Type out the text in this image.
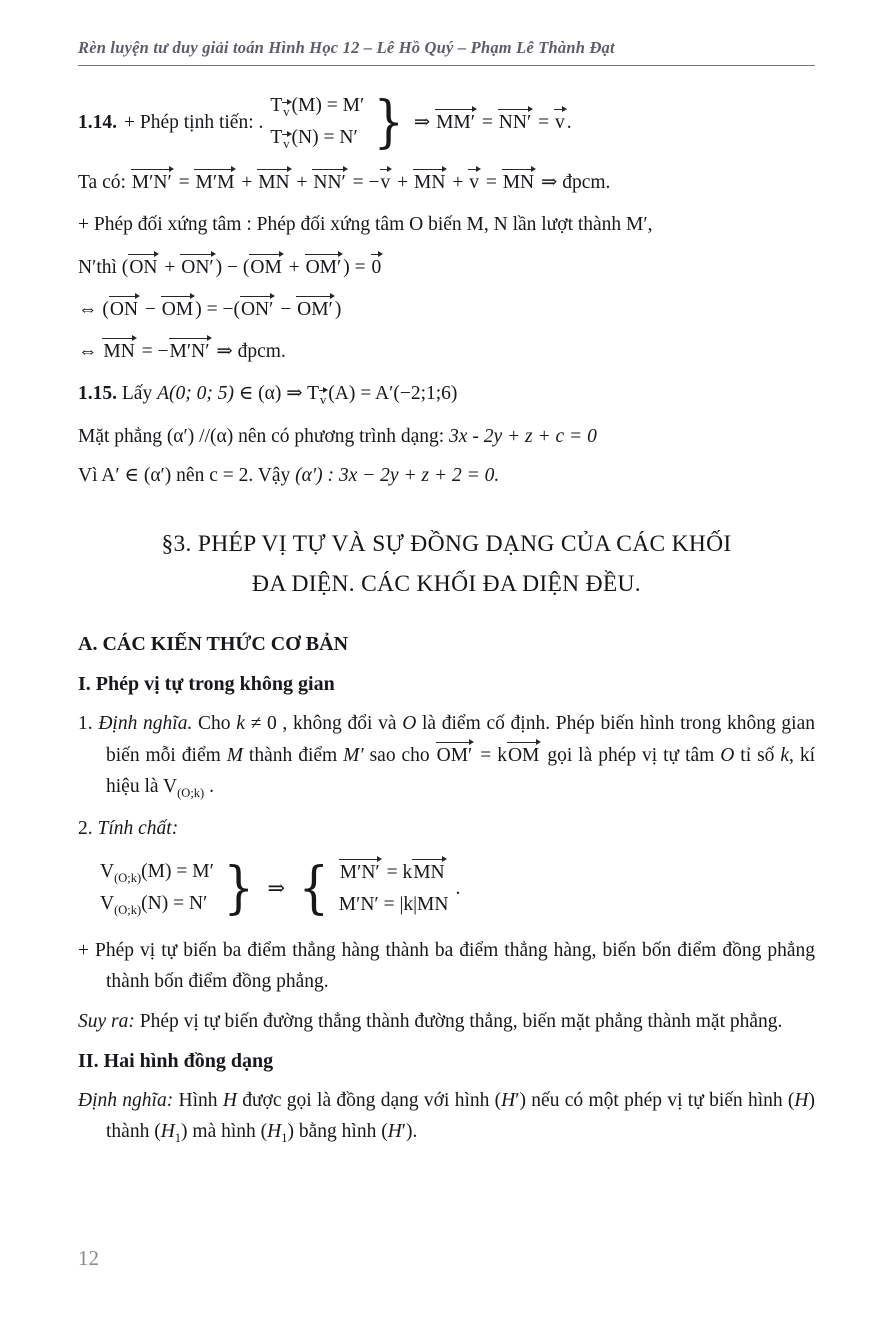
Rèn luyện tư duy giải toán Hình Học 12 – Lê Hồ Quý – Phạm Lê Thành Đạt
1.14. + Phép tịnh tiến: .
$T_v$ (M) = M′
$T_v$ (N) = N′ } ⇒ MM′ = NN′ = v .

Ta có: M′N′ = M′M + MN + NN′ = −v + MN + v = MN ⇒ đpcm.

+ Phép đối xứng tâm : Phép đối xứng tâm O biến M, N lần lượt thành M′,

N′thì (ON + ON′ ) − (OM + OM′ ) = 0

⇔ (ON − OM ) = −(ON′ − OM′ )

⇔ MN = −M′N′ ⇒ đpcm.

1.15. Lấy A(0; 0; 5) ∈ (α) ⇒ $T_v$ (A) = A′(−2;1;6)

Mặt phẳng (α′) //(α) nên có phương trình dạng: 3x - 2y + z + c = 0

Vì A′ ∈ (α′) nên c = 2. Vậy (α′) : 3x − 2y + z + 2 = 0.

§3. PHÉP VỊ TỰ VÀ SỰ ĐỒNG DẠNG CỦA CÁC KHỐI
ĐA DIỆN. CÁC KHỐI ĐA DIỆN ĐỀU.
A. CÁC KIẾN THỨC CƠ BẢN
I. Phép vị tự trong không gian

1. Định nghĩa. Cho k ≠ 0 , không đổi và O là điểm cố định. Phép biến hình trong không gian biến mỗi điểm M thành điểm M′ sao cho OM′ = kOM gọi là phép vị tự tâm O tỉ số k, kí hiệu là $V_{(O;k)}$ .

2. Tính chất:

$V_{(O;k)}(M) = M'$
$V_{(O;k)}(N) = N'$ } ⇒ { M′N′ = kMN
M′N′ = |k|MN
.

+ Phép vị tự biến ba điểm thẳng hàng thành ba điểm thẳng hàng, biến bốn điểm đồng phẳng thành bốn điểm đồng phẳng.

Suy ra: Phép vị tự biến đường thẳng thành đường thẳng, biến mặt phẳng thành mặt phẳng.

II. Hai hình đồng dạng

Định nghĩa: Hình H được gọi là đồng dạng với hình (H′) nếu có một phép vị tự biến hình (H) thành $(H_1)$ mà hình $(H_1)$ bằng hình (H′).

12
